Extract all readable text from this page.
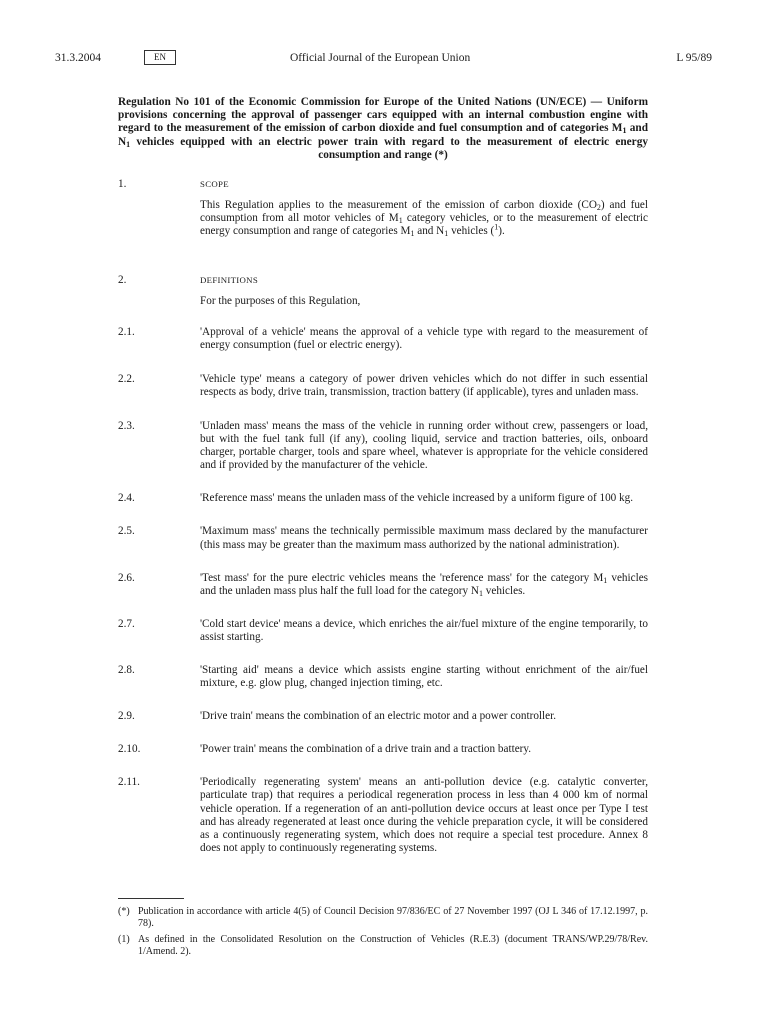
31.3.2004	EN	Official Journal of the European Union	L 95/89
Regulation No 101 of the Economic Commission for Europe of the United Nations (UN/ECE) — Uniform provisions concerning the approval of passenger cars equipped with an internal combustion engine with regard to the measurement of the emission of carbon dioxide and fuel consumption and of categories $M_1$ and $N_1$ vehicles equipped with an electric power train with regard to the measurement of electric energy consumption and range (*)
1.	SCOPE
This Regulation applies to the measurement of the emission of carbon dioxide $(CO_2)$ and fuel consumption from all motor vehicles of $M_1$ category vehicles, or to the measurement of electric energy consumption and range of categories $M_1$ and $N_1$ vehicles ($^1$).
2.	DEFINITIONS
For the purposes of this Regulation,
2.1.	'Approval of a vehicle' means the approval of a vehicle type with regard to the measurement of energy consumption (fuel or electric energy).
2.2.	'Vehicle type' means a category of power driven vehicles which do not differ in such essential respects as body, drive train, transmission, traction battery (if applicable), tyres and unladen mass.
2.3.	'Unladen mass' means the mass of the vehicle in running order without crew, passengers or load, but with the fuel tank full (if any), cooling liquid, service and traction batteries, oils, onboard charger, portable charger, tools and spare wheel, whatever is appropriate for the vehicle considered and if provided by the manufacturer of the vehicle.
2.4.	'Reference mass' means the unladen mass of the vehicle increased by a uniform figure of 100 kg.
2.5.	'Maximum mass' means the technically permissible maximum mass declared by the manufacturer (this mass may be greater than the maximum mass authorized by the national administration).
2.6.	'Test mass' for the pure electric vehicles means the 'reference mass' for the category $M_1$ vehicles and the unladen mass plus half the full load for the category $N_1$ vehicles.
2.7.	'Cold start device' means a device, which enriches the air/fuel mixture of the engine temporarily, to assist starting.
2.8.	'Starting aid' means a device which assists engine starting without enrichment of the air/fuel mixture, e.g. glow plug, changed injection timing, etc.
2.9.	'Drive train' means the combination of an electric motor and a power controller.
2.10.	'Power train' means the combination of a drive train and a traction battery.
2.11.	'Periodically regenerating system' means an anti-pollution device (e.g. catalytic converter, particulate trap) that requires a periodical regeneration process in less than 4 000 km of normal vehicle operation. If a regeneration of an anti-pollution device occurs at least once per Type I test and has already regenerated at least once during the vehicle preparation cycle, it will be considered as a continuously regenerating system, which does not require a special test procedure. Annex 8 does not apply to continuously regenerating systems.
(*) Publication in accordance with article 4(5) of Council Decision 97/836/EC of 27 November 1997 (OJ L 346 of 17.12.1997, p. 78).
(1) As defined in the Consolidated Resolution on the Construction of Vehicles (R.E.3) (document TRANS/WP.29/78/Rev. 1/Amend. 2).
